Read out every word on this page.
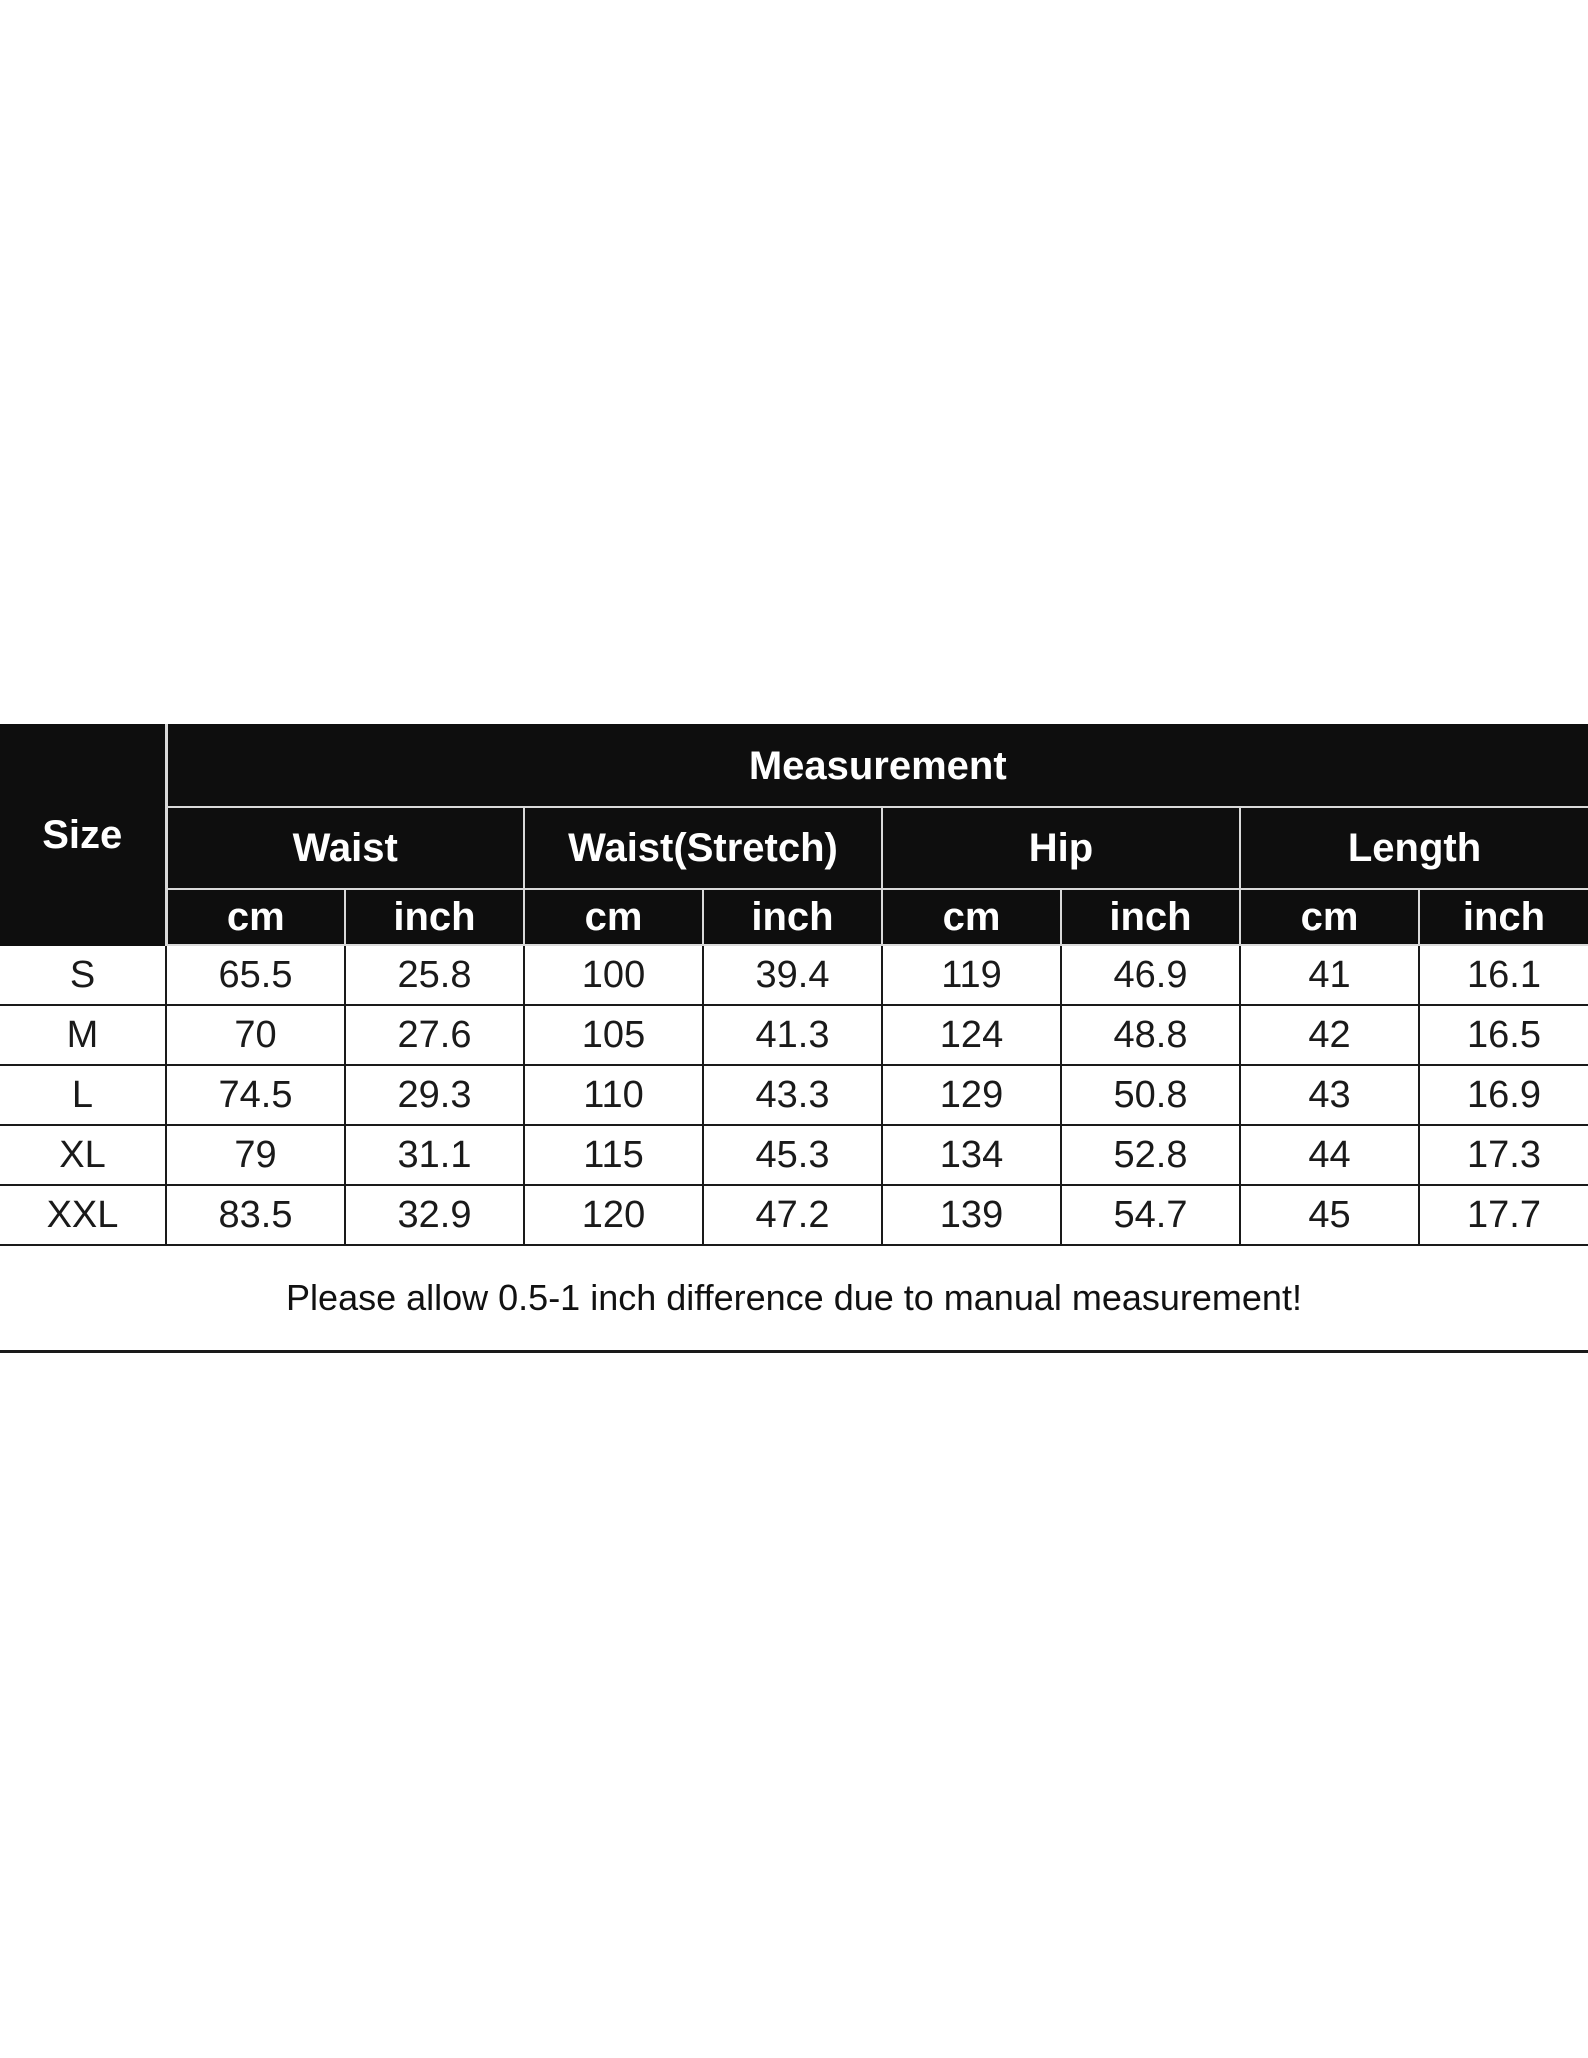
Size	Measurement							
	Waist		Waist(Stretch)		Hip		Length	
	cm	inch	cm	inch	cm	inch	cm	inch
S	65.5	25.8	100	39.4	119	46.9	41	16.1
M	70	27.6	105	41.3	124	48.8	42	16.5
L	74.5	29.3	110	43.3	129	50.8	43	16.9
XL	79	31.1	115	45.3	134	52.8	44	17.3
XXL	83.5	32.9	120	47.2	139	54.7	45	17.7
Please allow 0.5-1 inch difference due to manual measurement!								
